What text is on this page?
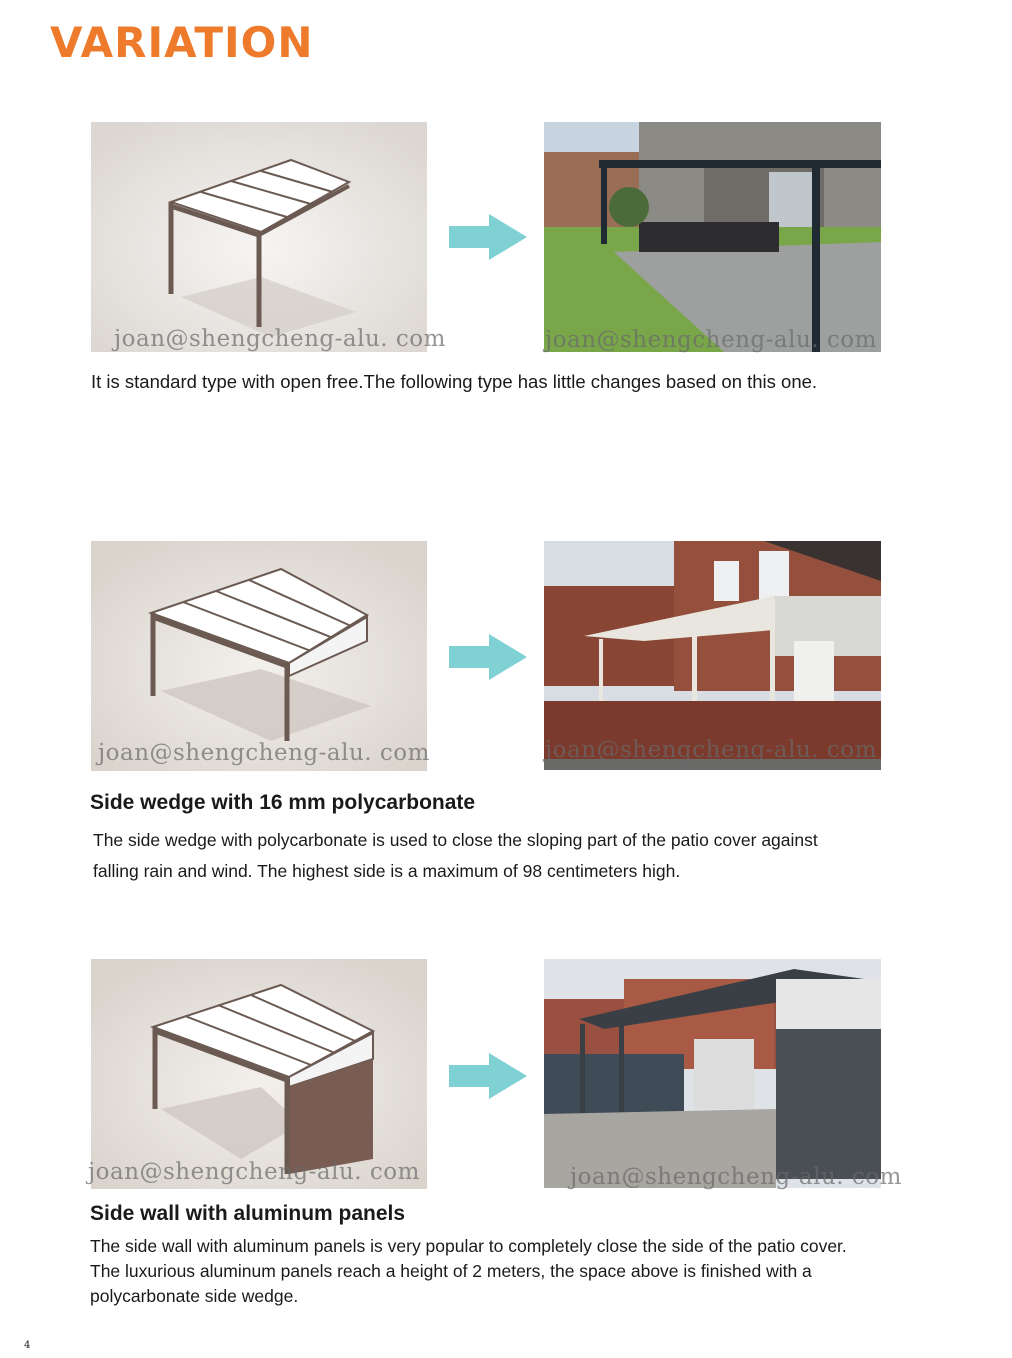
VARIATION

joan@shengcheng-alu. com	joan@shengcheng-alu. com

It is standard type with open free.The following type has little changes based on this one.

joan@shengcheng-alu. com	joan@shengcheng-alu. com

Side wedge with 16 mm polycarbonate

The side wedge with polycarbonate is used to close the sloping part of the patio cover against
falling rain and wind. The highest side is a maximum of 98 centimeters high.

joan@shengcheng-alu. com	joan@shengcheng-alu. com

Side wall with aluminum panels

The side wall with aluminum panels is very popular to completely close the side of the patio cover.
The luxurious aluminum panels reach a height of 2 meters, the space above is finished with a
polycarbonate side wedge.

4
